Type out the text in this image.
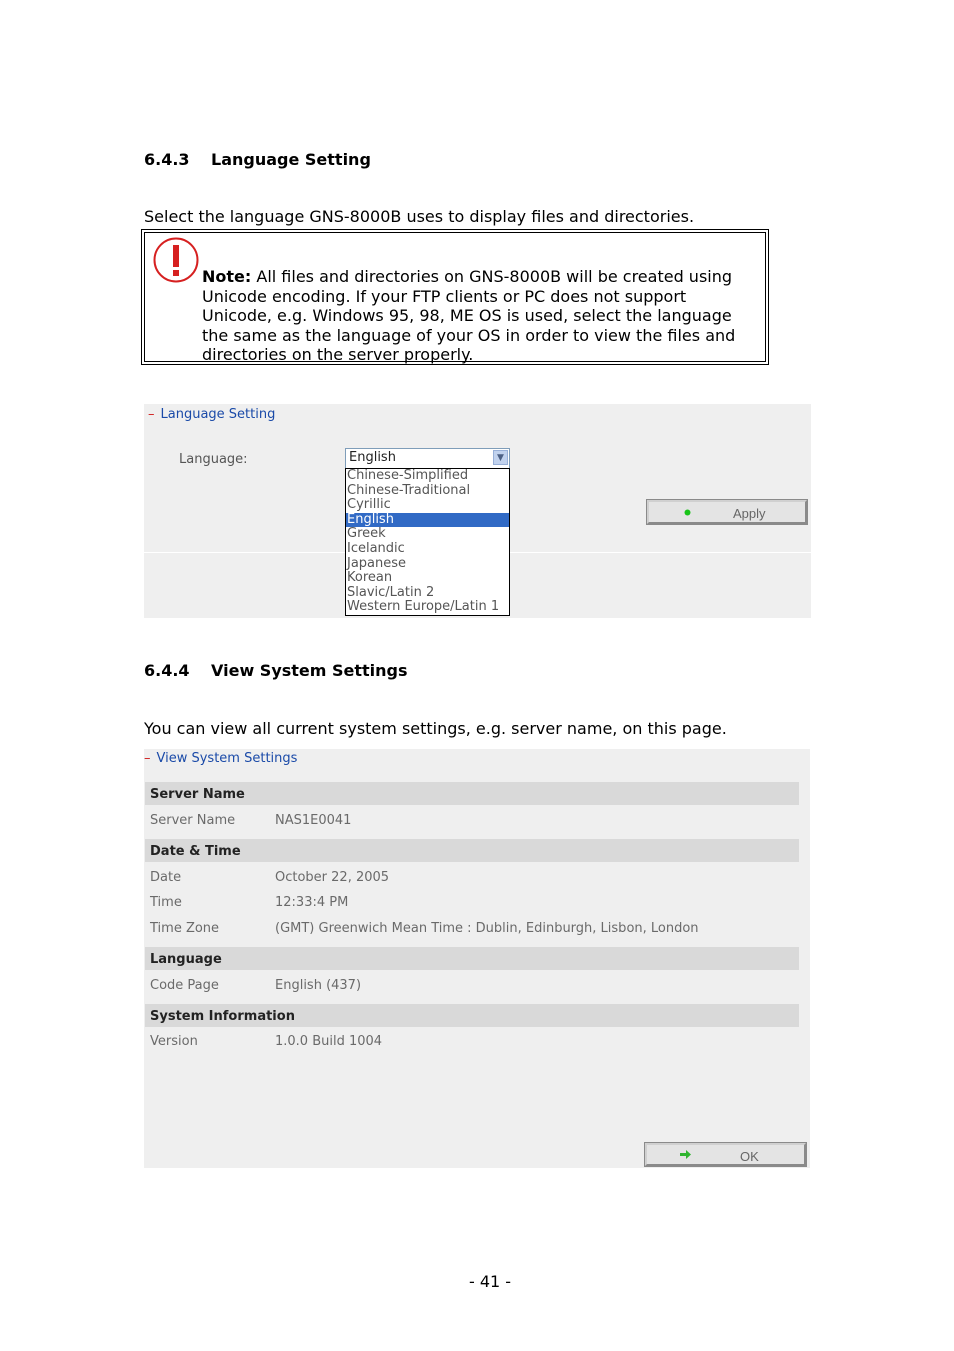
6.4.3 Language Setting
Select the language GNS-8000B uses to display files and directories.
Note: All files and directories on GNS-8000B will be created using Unicode encoding. If your FTP clients or PC does not support Unicode, e.g. Windows 95, 98, ME OS is used, select the language the same as the language of your OS in order to view the files and directories on the server properly.
– Language Setting
Language:	English	▼
Chinese-Simplified
Chinese-Traditional
Cyrillic
English
Greek
Icelandic
Japanese
Korean
Slavic/Latin 2
Western Europe/Latin 1
Apply
6.4.4 View System Settings
You can view all current system settings, e.g. server name, on this page.
– View System Settings
Server Name
Server Name	NAS1E0041
Date & Time
Date	October 22, 2005
Time	12:33:4 PM
Time Zone	(GMT) Greenwich Mean Time : Dublin, Edinburgh, Lisbon, London
Language
Code Page	English (437)
System Information
Version	1.0.0 Build 1004
OK
- 41 -
